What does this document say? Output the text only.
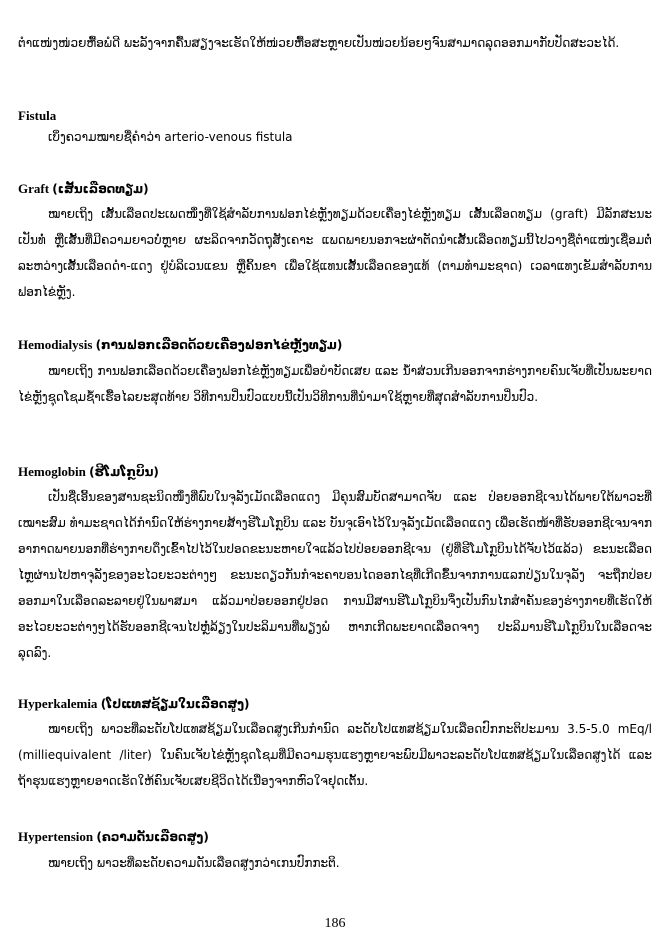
ຕຳແໜ່ງໜ່ວຍຫື້ອພໍດີ ພະລັງຈາກຄື້ນສຽງຈະເຮັດໃຫ້ໜ່ວຍຫື້ອສະຫຼາຍເປັນໜ່ວຍນ້ອຍໆຈົນສາມາດລຸດອອກມາກັບປັດສະວະໄດ້.

Fistula

ເບິ່ງຄວາມໝາຍຊື່ຄຳວ່າ arterio-venous fistula

Graft (ເສັ້ນເລືອດທຽມ)

ໝາຍເຖິງ ເສັ້ນເລືອດປະເພດໜຶ່ງທີ່ໃຊ້ສຳລັບການຟອກໄຂ່ຫຼັງທຽມດ້ວຍເຄື່ອງໄຂ່ຫຼັງທຽມ ເສັ້ນເລືອດທຽມ (graft) ມີລັກສະນະເປັນທໍ່ ຫຼືເສັ້ນທີ່ມີຄວາມຍາວບໍ່ຫຼາຍ ຜະລິດຈາກວັດຖຸສັງເຄາະ ແພດພາຍນອກຈະຜ່າຕັດນຳເສັ້ນເລືອດທຽມນີ້ໄປວາງຊື່ຕຳແໜ່ງເຊື່ອມຕໍ່ລະຫວ່າງເສັ້ນເລືອດດຳ-ແດງ ຢູ່ບໍລິເວນແຂນ ຫຼືຄິ້ນຂາ ເພື່ອໃຊ້ແທນເສັ້ນເລືອດຂອງແທ້ (ຕາມທຳມະຊາດ) ເວລາແທງເຂັມສຳລັບການຟອກໄຂ່ຫຼັງ.

Hemodialysis (ການຟອກເລືອດດ້ວຍເຄື່ອງຟອກໄຂ່ຫຼັງທຽມ)

ໝາຍເຖິງ ການຟອກເລືອດດ້ວຍເຄື່ອງຟອກໄຂ່ຫຼັງທຽມເພື່ອບຳບັດເສຍ ແລະ ນ້ຳສ່ວນເກີນອອກຈາກຮ່າງກາຍຄົນເຈັບທີ່ເປັນພະຍາດໄຂ່ຫຼັງຊຸດໂຊມຊ້ຳເຮື້ອໄລຍະສຸດທ້າຍ ວິທີການປິ່ນປົວແບບນີ້ເປັນວິທີການທີ່ນຳມາໃຊ້ຫຼາຍທີ່ສຸດສຳລັບການປິ່ນປົວ.

Hemoglobin (ຮີໂມໂກຼບິນ)

ເປັນຊື່ເອີ້ນຂອງສານຊະນິດໜຶ່ງທີ່ພົບໃນຈຸລັງເມັດເລືອດແດງ ມີຄຸນສົມບັດສາມາດຈັບ ແລະ ປ່ອຍອອກຊີເຈນໄດ້ພາຍໃຕ້ພາວະທີ່ເໝາະສົມ ທຳມະຊາດໄດ້ກຳນົດໃຫ້ຮ່າງກາຍສ້າງຮີໂມໂກຼບິນ ແລະ ບັນຈຸເອົາໄວ້ໃນຈຸລັງເມັດເລືອດແດງ ເພື່ອເຮັດໜ້າທີ່ຮັບອອກຊີເຈນຈາກອາກາດພາຍນອກທີ່ຮ່າງກາຍດຶງເຂົ້າໄປໄວ້ໃນປອດຂະນະຫາຍໃຈແລ້ວໄປປ່ອຍອອກຊີເຈນ (ຢູ່ທີ່ຮີໂມໂກຼບິນໄດ້ຈັບໄວ້ແລ້ວ) ຂະນະເລືອດໄຫຼຜ່ານໄປຫາຈຸລັງຂອງອະໄວຍະວະຕ່າງໆ ຂະນະດຽວກັນກໍຈະຄາບອນໄດອອກໄຊທີ່ເກີດຂຶ້ນຈາກການແລກປ່ຽນໃນຈຸລັງ ຈະຖືກປ່ອຍອອກມາໃນເລືອດລະລາຍຢູ່ໃນພາສມາ ແລ້ວມາປ່ອຍອອກຢູ່ປອດ ການມີສານຮີໂມໂກຼບິນຈຶ່ງເປັນກົນໄກສຳຄັນຂອງຮ່າງກາຍທີ່ເຮັດໃຫ້ອະໄວຍະວະຕ່າງໆໄດ້ຮັບອອກຊີເຈນໄປຫຼໍ່ລ້ຽງໃນປະລິມານທີ່ພຽງພໍ ຫາກເກີດພະຍາດເລືອດຈາງ ປະລິມານຮີໂມໂກຼບິນໃນເລືອດຈະລຸດລົງ.

Hyperkalemia (ໂປແທສຊ້ຽມໃນເລືອດສູງ)

ໝາຍເຖິງ ພາວະທີ່ລະດັບໂປແທສຊ້ຽມໃນເລືອດສູງເກີນກຳນົດ ລະດັບໂປແທສຊ້ຽມໃນເລືອດປົກກະຕິປະມານ 3.5-5.0 mEq/l (milliequivalent /liter) ໃນຄົນເຈັບໄຂ່ຫຼັງຊຸດໂຊມທີ່ມີຄວາມຮຸນແຮງຫຼາຍຈະພົບມີພາວະລະດັບໂປແທສຊ້ຽມໃນເລືອດສູງໄດ້ ແລະ ຖ້າຮຸນແຮງຫຼາຍອາດເຮັດໃຫ້ຄົນເຈັບເສຍຊີວິດໄດ້ເນື່ອງຈາກຫົວໃຈຢຸດເຕັ້ນ.

Hypertension (ຄວາມດັນເລືອດສູງ)

ໝາຍເຖິງ ພາວະທີ່ລະດັບຄວາມດັນເລືອດສູງກວ່າເກນປົກກະຕິ.

186
